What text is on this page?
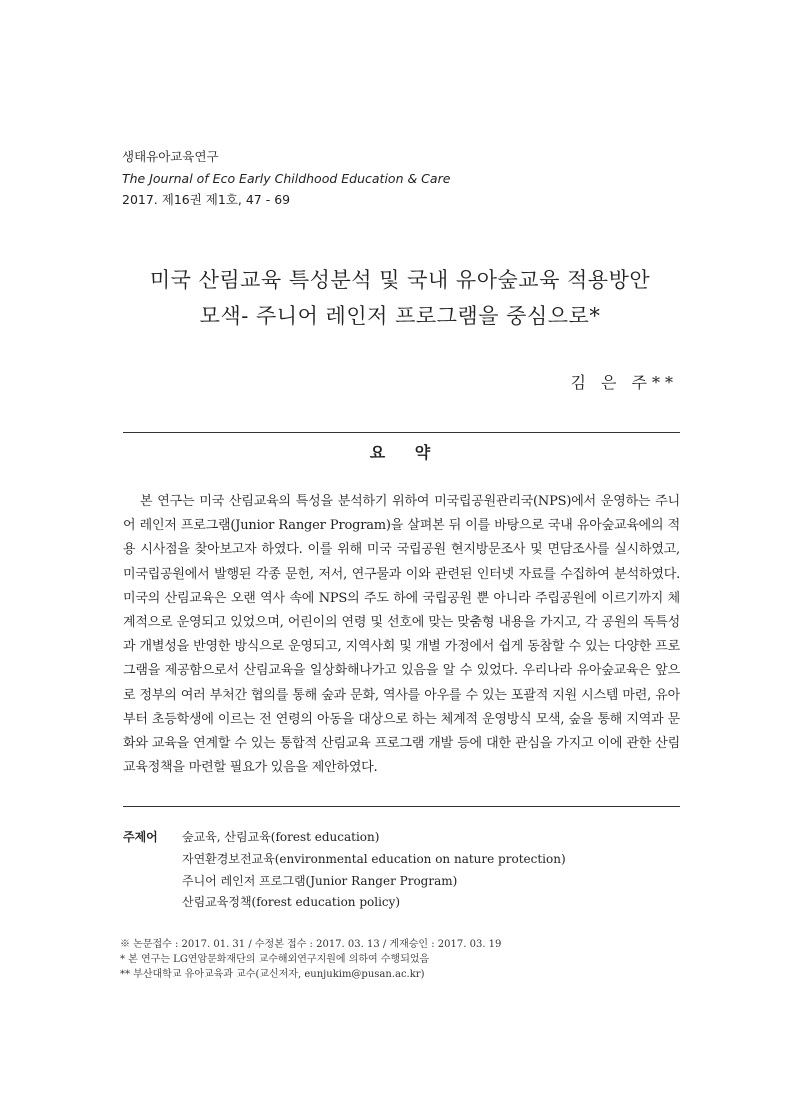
생태유아교육연구
The Journal of Eco Early Childhood Education & Care
2017. 제16권 제1호, 47 - 69
미국 산림교육 특성분석 및 국내 유아숲교육 적용방안
모색- 주니어 레인저 프로그램을 중심으로*
김 은 주**
요 약

본 연구는 미국 산림교육의 특성을 분석하기 위하여 미국립공원관리국(NPS)에서 운영하는 주니어 레인저 프로그램(Junior Ranger Program)을 살펴본 뒤 이를 바탕으로 국내 유아숲교육에의 적용 시사점을 찾아보고자 하였다. 이를 위해 미국 국립공원 현지방문조사 및 면담조사를 실시하였고, 미국립공원에서 발행된 각종 문헌, 저서, 연구물과 이와 관련된 인터넷 자료를 수집하여 분석하였다. 미국의 산림교육은 오랜 역사 속에 NPS의 주도 하에 국립공원 뿐 아니라 주립공원에 이르기까지 체계적으로 운영되고 있었으며, 어린이의 연령 및 선호에 맞는 맞춤형 내용을 가지고, 각 공원의 독특성과 개별성을 반영한 방식으로 운영되고, 지역사회 및 개별 가정에서 쉽게 동참할 수 있는 다양한 프로그램을 제공함으로서 산림교육을 일상화해나가고 있음을 알 수 있었다. 우리나라 유아숲교육은 앞으로 정부의 여러 부처간 협의를 통해 숲과 문화, 역사를 아우를 수 있는 포괄적 지원 시스템 마련, 유아부터 초등학생에 이르는 전 연령의 아동을 대상으로 하는 체계적 운영방식 모색, 숲을 통해 지역과 문화와 교육을 연계할 수 있는 통합적 산림교육 프로그램 개발 등에 대한 관심을 가지고 이에 관한 산림교육정책을 마련할 필요가 있음을 제안하였다.

주제어	숲교육, 산림교육(forest education)
자연환경보전교육(environmental education on nature protection)
주니어 레인저 프로그램(Junior Ranger Program)
산림교육정책(forest education policy)
※ 논문접수 : 2017. 01. 31 / 수정본 접수 : 2017. 03. 13 / 게재승인 : 2017. 03. 19
* 본 연구는 LG연암문화재단의 교수해외연구지원에 의하여 수행되었음
** 부산대학교 유아교육과 교수(교신저자, eunjukim@pusan.ac.kr)
